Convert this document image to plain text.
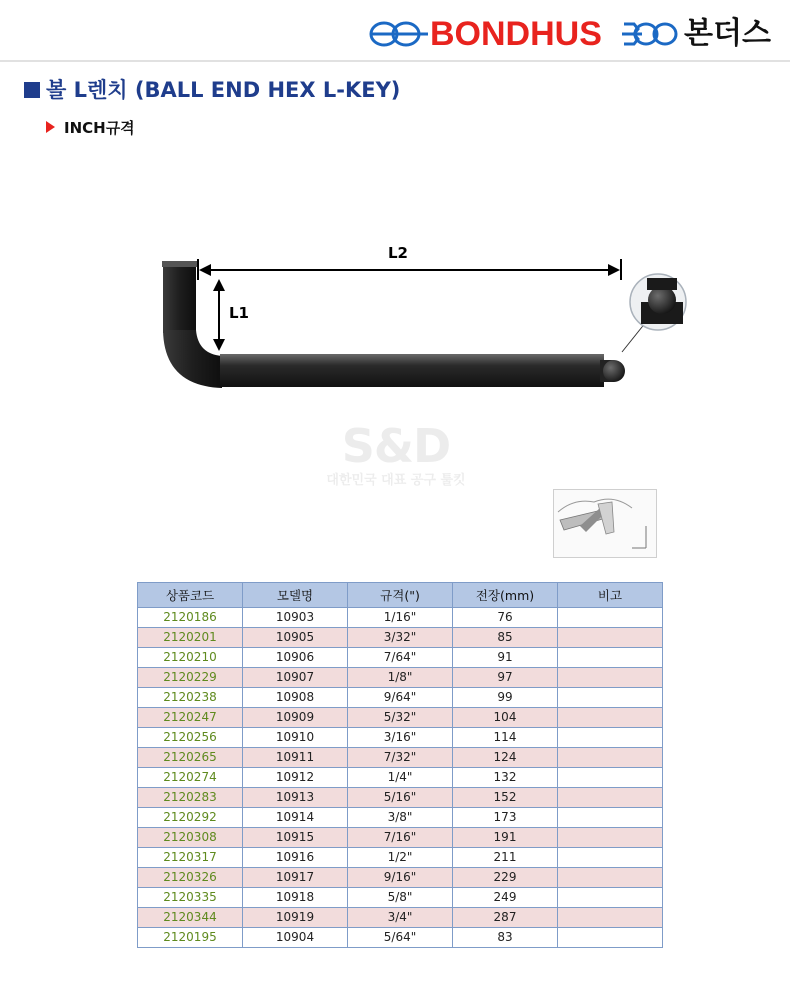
BONDHUS	본더스
볼 L렌치 (BALL END HEX L-KEY)
INCH규격
L2
L1
S&D
대한민국 대표 공구 툴킷
상품코드	모델명	규격(")	전장(mm)	비고
2120186	10903	1/16"	76	
2120201	10905	3/32"	85	
2120210	10906	7/64"	91	
2120229	10907	1/8"	97	
2120238	10908	9/64"	99	
2120247	10909	5/32"	104	
2120256	10910	3/16"	114	
2120265	10911	7/32"	124	
2120274	10912	1/4"	132	
2120283	10913	5/16"	152	
2120292	10914	3/8"	173	
2120308	10915	7/16"	191	
2120317	10916	1/2"	211	
2120326	10917	9/16"	229	
2120335	10918	5/8"	249	
2120344	10919	3/4"	287	
2120195	10904	5/64"	83	
